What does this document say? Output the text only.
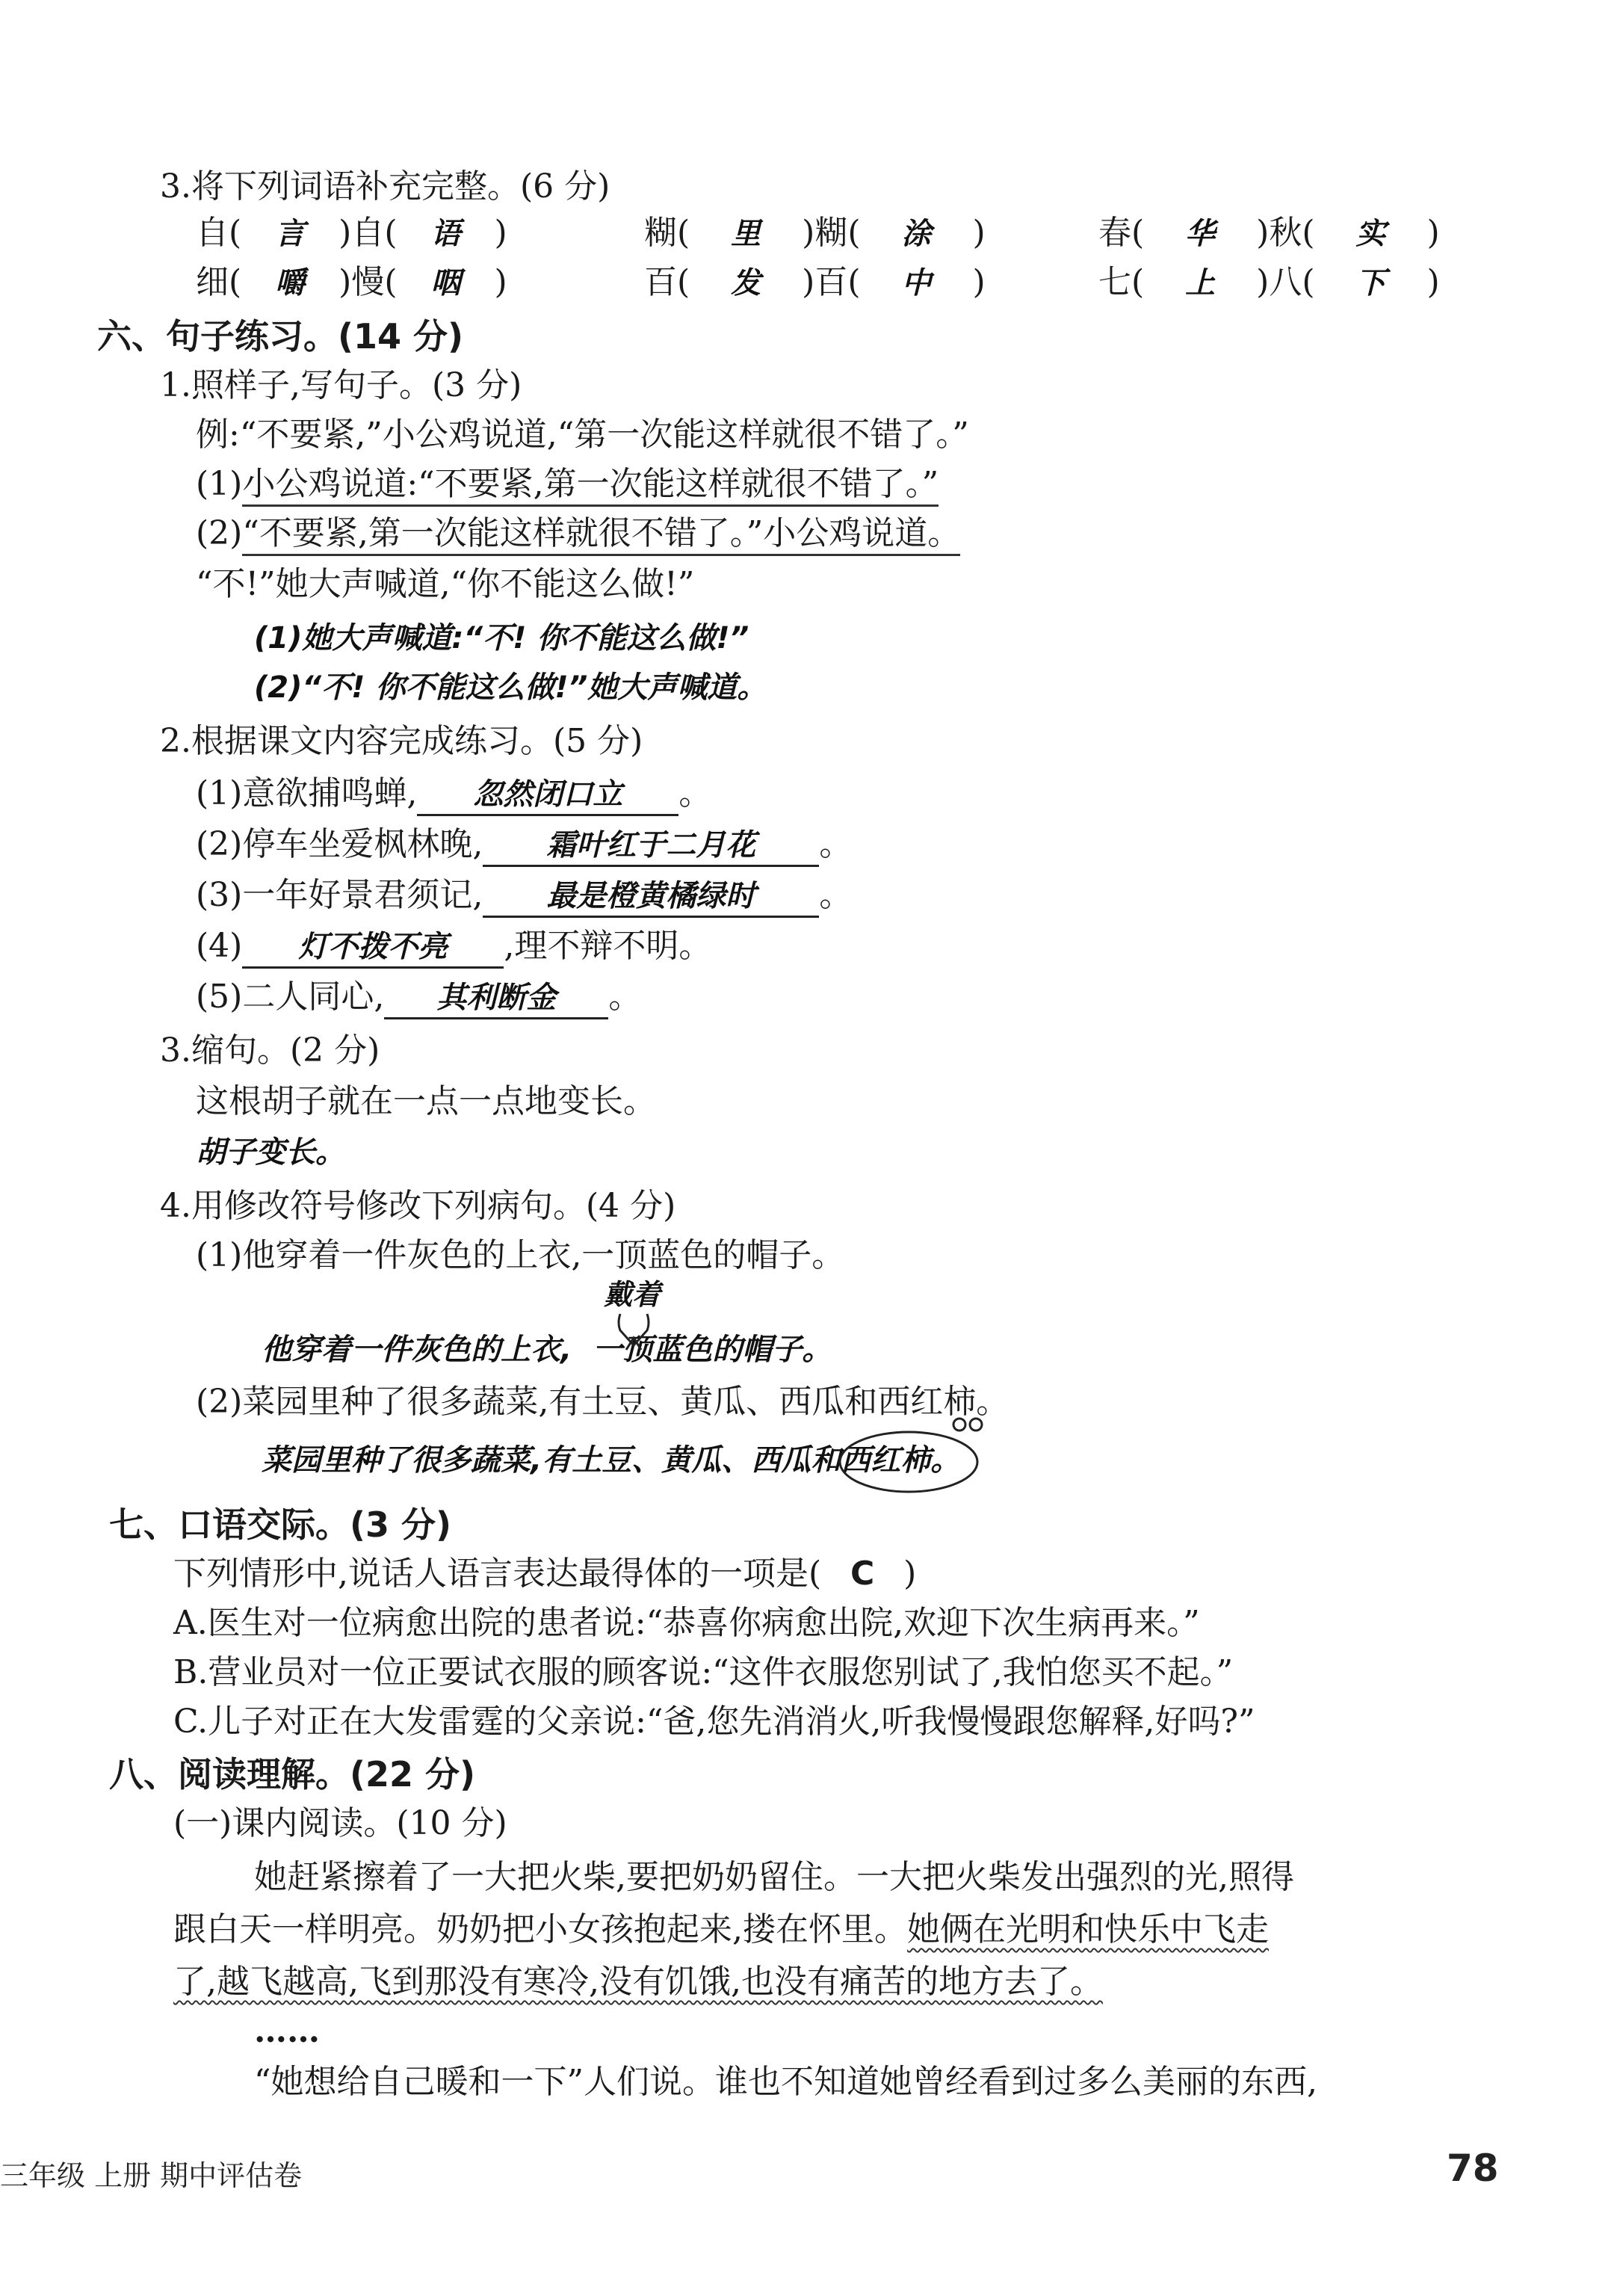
3.将下列词语补充完整。(6 分)
自( 言 )自( 语 )	糊( 里 )糊( 涂 )	春( 华 )秋( 实 )
细( 嚼 )慢( 咽 )	百( 发 )百( 中 )	七( 上 )八( 下 )
六、句子练习。(14 分)
1.照样子,写句子。(3 分)
例:“不要紧,”小公鸡说道,“第一次能这样就很不错了。”
(1)小公鸡说道:“不要紧,第一次能这样就很不错了。”
(2)“不要紧,第一次能这样就很不错了。”小公鸡说道。
“不!”她大声喊道,“你不能这么做!”
(1)她大声喊道:“不! 你不能这么做!”
(2)“不! 你不能这么做!”她大声喊道。
2.根据课文内容完成练习。(5 分)
(1)意欲捕鸣蝉, 忽然闭口立 。
(2)停车坐爱枫林晚, 霜叶红于二月花 。
(3)一年好景君须记, 最是橙黄橘绿时 。
(4) 灯不拨不亮 ,理不辩不明。
(5)二人同心, 其利断金 。
3.缩句。(2 分)
这根胡子就在一点一点地变长。
胡子变长。
4.用修改符号修改下列病句。(4 分)
(1)他穿着一件灰色的上衣,一顶蓝色的帽子。
戴着
他穿着一件灰色的上衣, 一顶蓝色的帽子。
(2)菜园里种了很多蔬菜,有土豆、黄瓜、西瓜和西红柿。
菜园里种了很多蔬菜,有土豆、黄瓜、西瓜和西红柿。
七、口语交际。(3 分)
下列情形中,说话人语言表达最得体的一项是( C )
A.医生对一位病愈出院的患者说:“恭喜你病愈出院,欢迎下次生病再来。”
B.营业员对一位正要试衣服的顾客说:“这件衣服您别试了,我怕您买不起。”
C.儿子对正在大发雷霆的父亲说:“爸,您先消消火,听我慢慢跟您解释,好吗?”
八、阅读理解。(22 分)
(一)课内阅读。(10 分)
她赶紧擦着了一大把火柴,要把奶奶留住。一大把火柴发出强烈的光,照得
跟白天一样明亮。奶奶把小女孩抱起来,搂在怀里。她俩在光明和快乐中飞走
了,越飞越高,飞到那没有寒冷,没有饥饿,也没有痛苦的地方去了。
……
“她想给自己暖和一下”人们说。谁也不知道她曾经看到过多么美丽的东西,
三年级 上册 期中评估卷	78
